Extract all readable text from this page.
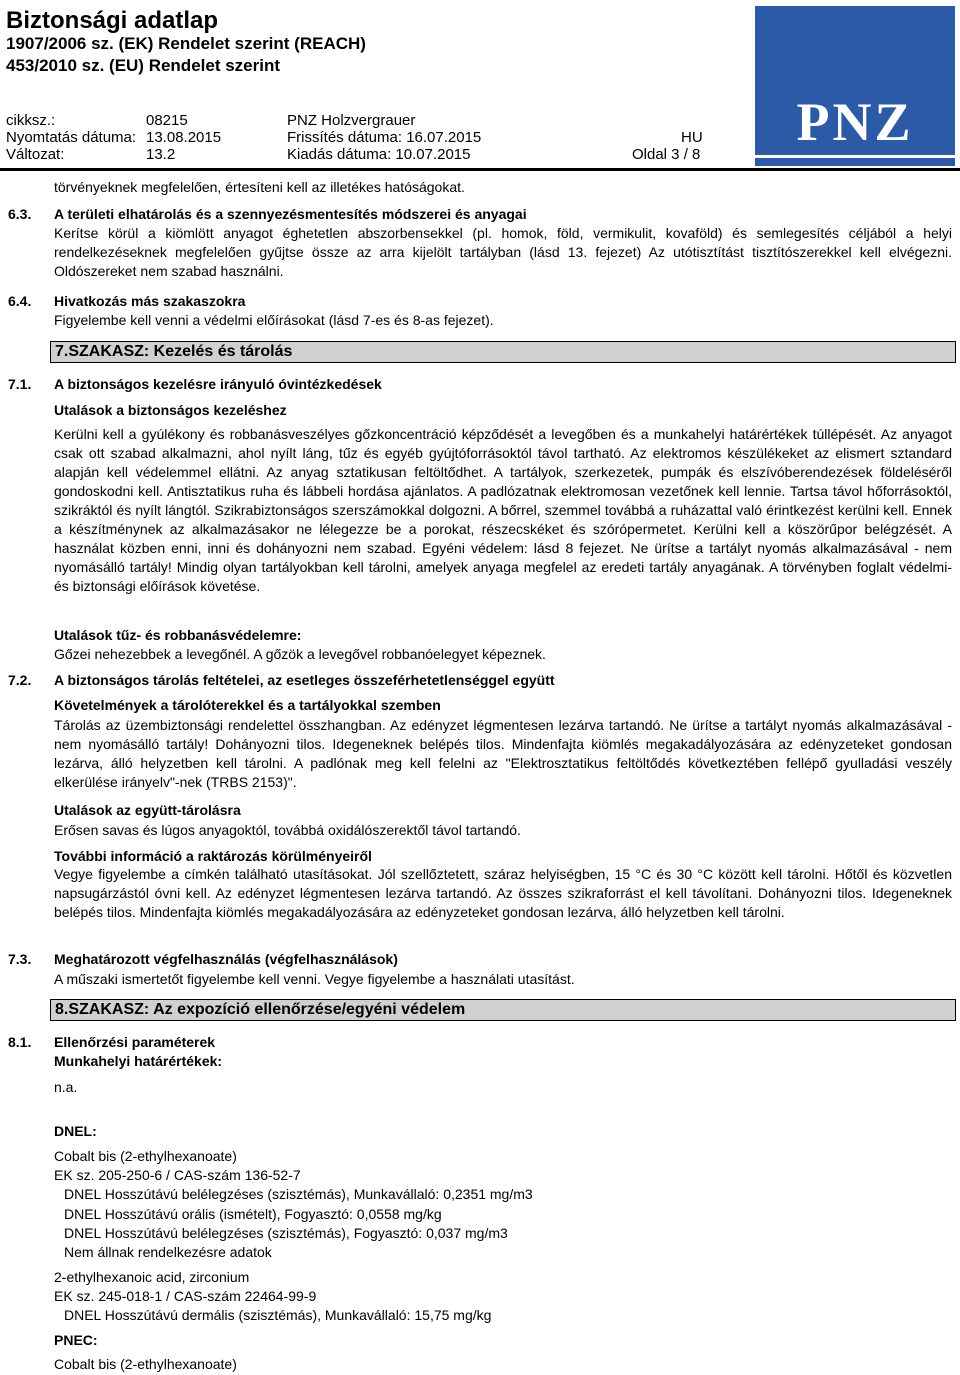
Biztonsági adatlap
1907/2006 sz. (EK) Rendelet szerint (REACH)
453/2010 sz. (EU) Rendelet szerint
cikksz.:	08215	PNZ Holzvergrauer
Nyomtatás dátuma: 13.08.2015	Frissítés dátuma: 16.07.2015	HU
Változat:	13.2	Kiadás dátuma: 10.07.2015	Oldal 3 / 8
PNZ
törvényeknek megfelelően, értesíteni kell az illetékes hatóságokat.
6.3. A területi elhatárolás és a szennyezésmentesítés módszerei és anyagai
Kerítse körül a kiömlött anyagot éghetetlen abszorbensekkel (pl. homok, föld, vermikulit, kovaföld) és semlegesítés céljából a helyi rendelkezéseknek megfelelően gyűjtse össze az arra kijelölt tartályban (lásd 13. fejezet) Az utótisztítást tisztítószerekkel kell elvégezni. Oldószereket nem szabad használni.
6.4. Hivatkozás más szakaszokra
Figyelembe kell venni a védelmi előírásokat (lásd 7-es és 8-as fejezet).
7.SZAKASZ: Kezelés és tárolás
7.1. A biztonságos kezelésre irányuló óvintézkedések
Utalások a biztonságos kezeléshez
Kerülni kell a gyúlékony és robbanásveszélyes gőzkoncentráció képződését a levegőben és a munkahelyi határértékek túllépését. Az anyagot csak ott szabad alkalmazni, ahol nyílt láng, tűz és egyéb gyújtóforrásoktól távol tartható. Az elektromos készülékeket az elismert sztandard alapján kell védelemmel ellátni. Az anyag sztatikusan feltöltődhet. A tartályok, szerkezetek, pumpák és elszívóberendezések földeléséről gondoskodni kell. Antisztatikus ruha és lábbeli hordása ajánlatos. A padlózatnak elektromosan vezetőnek kell lennie. Tartsa távol hőforrásoktól, szikráktól és nyílt lángtól. Szikrabiztonságos szerszámokkal dolgozni. A bőrrel, szemmel továbbá a ruházattal való érintkezést kerülni kell. Ennek a készítménynek az alkalmazásakor ne lélegezze be a porokat, részecskéket és szórópermetet. Kerülni kell a köszörűpor belégzését. A használat közben enni, inni és dohányozni nem szabad. Egyéni védelem: lásd 8 fejezet. Ne ürítse a tartályt nyomás alkalmazásával - nem nyomásálló tartály! Mindig olyan tartályokban kell tárolni, amelyek anyaga megfelel az eredeti tartály anyagának. A törvényben foglalt védelmi- és biztonsági előírások követése.
Utalások tűz- és robbanásvédelemre:
Gőzei nehezebbek a levegőnél. A gőzök a levegővel robbanóelegyet képeznek.
7.2. A biztonságos tárolás feltételei, az esetleges összeférhetetlenséggel együtt
Követelmények a tárolóterekkel és a tartályokkal szemben
Tárolás az üzembiztonsági rendelettel összhangban. Az edényzet légmentesen lezárva tartandó. Ne ürítse a tartályt nyomás alkalmazásával - nem nyomásálló tartály! Dohányozni tilos. Idegeneknek belépés tilos. Mindenfajta kiömlés megakadályozására az edényzeteket gondosan lezárva, álló helyzetben kell tárolni. A padlónak meg kell felelni az "Elektrosztatikus feltöltődés következtében fellépő gyulladási veszély elkerülése irányelv"-nek (TRBS 2153)".
Utalások az együtt-tárolásra
Erősen savas és lúgos anyagoktól, továbbá oxidálószerektől távol tartandó.
További információ a raktározás körülményeiről
Vegye figyelembe a címkén található utasításokat. Jól szellőztetett, száraz helyiségben, 15 °C és 30 °C között kell tárolni. Hőtől és közvetlen napsugárzástól óvni kell. Az edényzet légmentesen lezárva tartandó. Az összes szikraforrást el kell távolítani. Dohányozni tilos. Idegeneknek belépés tilos. Mindenfajta kiömlés megakadályozására az edényzeteket gondosan lezárva, álló helyzetben kell tárolni.
7.3. Meghatározott végfelhasználás (végfelhasználások)
A műszaki ismertetőt figyelembe kell venni. Vegye figyelembe a használati utasítást.
8.SZAKASZ: Az expozíció ellenőrzése/egyéni védelem
8.1. Ellenőrzési paraméterek
Munkahelyi határértékek:
n.a.
DNEL:
Cobalt bis (2-ethylhexanoate)
EK sz. 205-250-6 / CAS-szám 136-52-7
DNEL Hosszútávú belélegzéses (szisztémás), Munkavállaló: 0,2351 mg/m3
DNEL Hosszútávú orális (ismételt), Fogyasztó: 0,0558 mg/kg
DNEL Hosszútávú belélegzéses (szisztémás), Fogyasztó: 0,037 mg/m3
Nem állnak rendelkezésre adatok
2-ethylhexanoic acid, zirconium
EK sz. 245-018-1 / CAS-szám 22464-99-9
DNEL Hosszútávú dermális (szisztémás), Munkavállaló: 15,75 mg/kg
PNEC:
Cobalt bis (2-ethylhexanoate)
